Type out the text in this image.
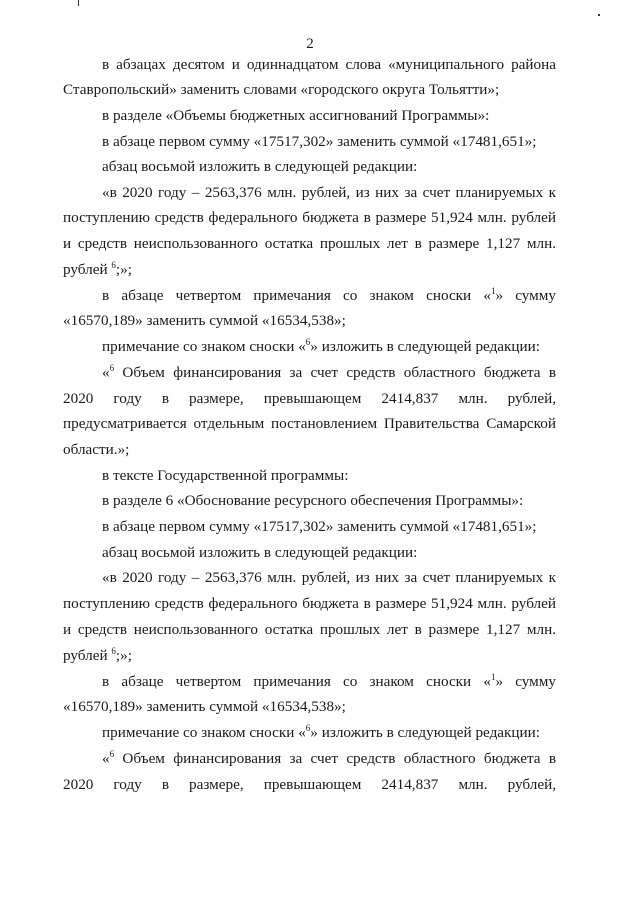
2
в абзацах десятом и одиннадцатом слова «муниципального района
Ставропольский» заменить словами «городского округа Тольятти»;
в разделе «Объемы бюджетных ассигнований Программы»:
в абзаце первом сумму «17517,302» заменить суммой «17481,651»;
абзац восьмой изложить в следующей редакции:
«в 2020 году – 2563,376 млн. рублей, из них за счет планируемых к
поступлению средств федерального бюджета в размере 51,924 млн. рублей
и средств неиспользованного остатка прошлых лет в размере 1,127 млн.
рублей $^6$;»;
в абзаце четвертом примечания со знаком сноски «$^1$» сумму
«16570,189» заменить суммой «16534,538»;
примечание со знаком сноски «$^6$» изложить в следующей редакции:
«$^6$ Объем финансирования за счет средств областного бюджета в
2020 году в размере, превышающем 2414,837 млн. рублей,
предусматривается отдельным постановлением Правительства Самарской
области.»;
в тексте Государственной программы:
в разделе 6 «Обоснование ресурсного обеспечения Программы»:
в абзаце первом сумму «17517,302» заменить суммой «17481,651»;
абзац восьмой изложить в следующей редакции:
«в 2020 году – 2563,376 млн. рублей, из них за счет планируемых к
поступлению средств федерального бюджета в размере 51,924 млн. рублей
и средств неиспользованного остатка прошлых лет в размере 1,127 млн.
рублей $^6$;»;
в абзаце четвертом примечания со знаком сноски «$^1$» сумму
«16570,189» заменить суммой «16534,538»;
примечание со знаком сноски «$^6$» изложить в следующей редакции:
«$^6$ Объем финансирования за счет средств областного бюджета в
2020 году в размере, превышающем 2414,837 млн. рублей,
